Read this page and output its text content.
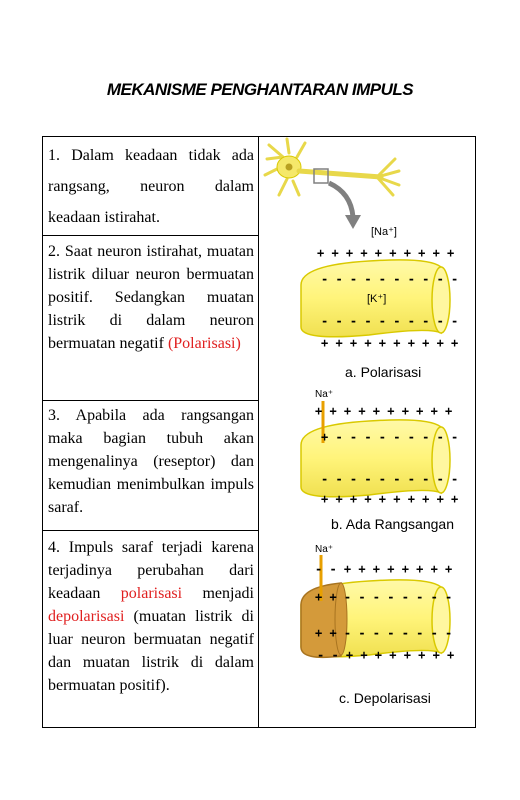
MEKANISME PENGHANTARAN IMPULS

1. Dalam keadaan tidak ada rangsang, neuron dalam keadaan istirahat.

2. Saat neuron istirahat, muatan listrik diluar neuron bermuatan positif. Sedangkan muatan listrik di dalam neuron bermuatan negatif (Polarisasi)

3. Apabila ada rangsangan maka bagian tubuh akan mengenalinya (reseptor) dan kemudian menimbulkan impuls saraf.

4. Impuls saraf terjadi karena terjadinya perubahan dari keadaan polarisasi menjadi depolarisasi (muatan listrik di luar neuron bermuatan negatif dan muatan listrik di dalam bermuatan positif).

[Na⁺]
+ + + + + + + + + +
- - - - - - - - - -
[K⁺]
- - - - - - - - - -
+ + + + + + + + + +
a. Polarisasi
Na⁺
+ + + + + + + + + +
+ - - - - - - - - -
- - - - - - - - - -
+ + + + + + + + + +
b. Ada Rangsangan
Na⁺
- - + + + + + + + +
+ + - - - - - - - -
+ + - - - - - - - -
- - + + + + + + + +
c. Depolarisasi
